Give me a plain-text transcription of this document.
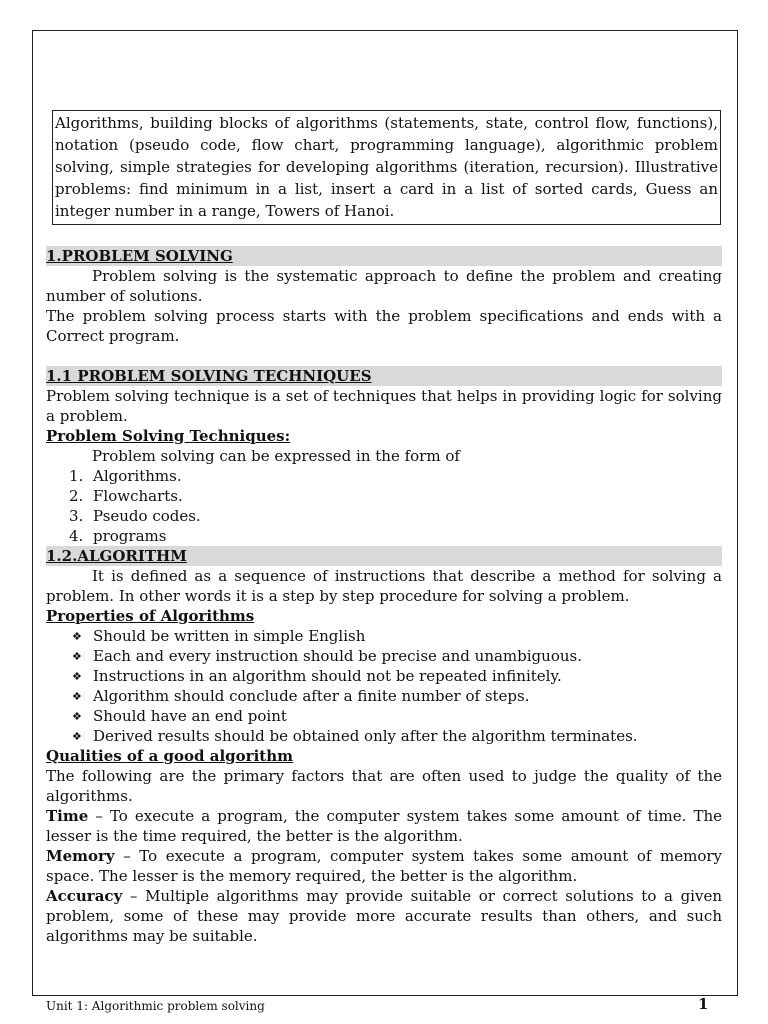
Algorithms, building blocks of algorithms (statements, state, control flow, functions), notation (pseudo code, flow chart, programming language), algorithmic problem solving, simple strategies for developing algorithms (iteration, recursion). Illustrative problems: find minimum in a list, insert a card in a list of sorted cards, Guess an integer number in a range, Towers of Hanoi.

1.PROBLEM SOLVING

Problem solving is the systematic approach to define the problem and creating number of solutions.

The problem solving process starts with the problem specifications and ends with a Correct program.

1.1 PROBLEM SOLVING TECHNIQUES

Problem solving technique is a set of techniques that helps in providing logic for solving a problem.

Problem Solving Techniques:

Problem solving can be expressed in the form of

1. Algorithms.
2. Flowcharts.
3. Pseudo codes.
4. programs
1.2.ALGORITHM

It is defined as a sequence of instructions that describe a method for solving a problem. In other words it is a step by step procedure for solving a problem.

Properties of Algorithms

❖ Should be written in simple English
❖ Each and every instruction should be precise and unambiguous.
❖ Instructions in an algorithm should not be repeated infinitely.
❖ Algorithm should conclude after a finite number of steps.
❖ Should have an end point
❖ Derived results should be obtained only after the algorithm terminates.

Qualities of a good algorithm

The following are the primary factors that are often used to judge the quality of the algorithms.

Time – To execute a program, the computer system takes some amount of time. The lesser is the time required, the better is the algorithm.

Memory – To execute a program, computer system takes some amount of memory space. The lesser is the memory required, the better is the algorithm.

Accuracy – Multiple algorithms may provide suitable or correct solutions to a given problem, some of these may provide more accurate results than others, and such algorithms may be suitable.

Unit 1: Algorithmic problem solving	1
